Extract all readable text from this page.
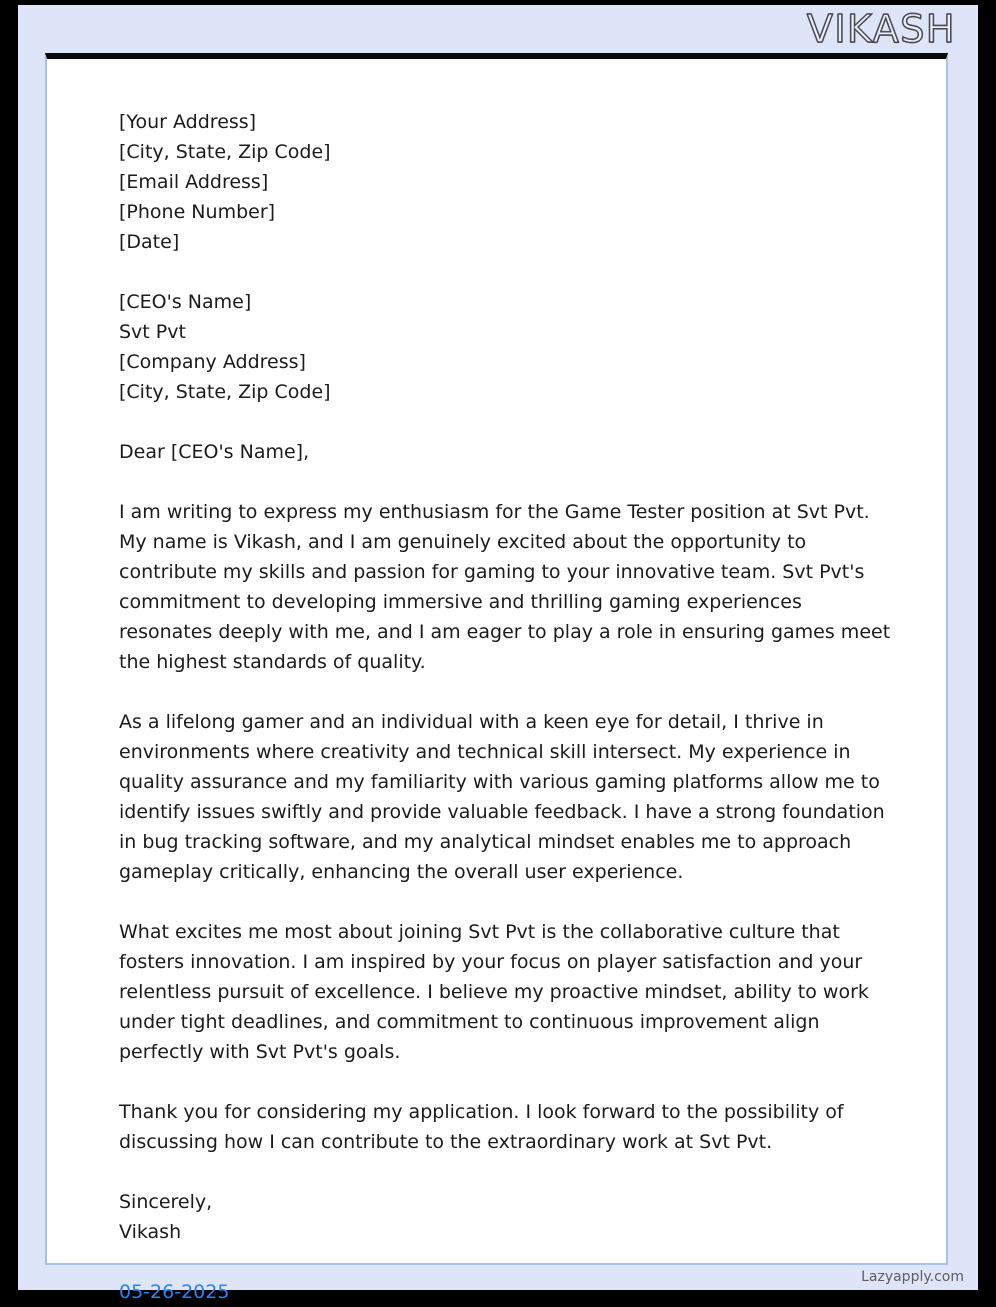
VIKASH
[Your Address]
[City, State, Zip Code]
[Email Address]
[Phone Number]
[Date]
[CEO's Name]
Svt Pvt
[Company Address]
[City, State, Zip Code]

Dear [CEO's Name],

I am writing to express my enthusiasm for the Game Tester position at Svt Pvt. My name is Vikash, and I am genuinely excited about the opportunity to contribute my skills and passion for gaming to your innovative team. Svt Pvt's commitment to developing immersive and thrilling gaming experiences resonates deeply with me, and I am eager to play a role in ensuring games meet the highest standards of quality.

As a lifelong gamer and an individual with a keen eye for detail, I thrive in environments where creativity and technical skill intersect. My experience in quality assurance and my familiarity with various gaming platforms allow me to identify issues swiftly and provide valuable feedback. I have a strong foundation in bug tracking software, and my analytical mindset enables me to approach gameplay critically, enhancing the overall user experience.

What excites me most about joining Svt Pvt is the collaborative culture that fosters innovation. I am inspired by your focus on player satisfaction and your relentless pursuit of excellence. I believe my proactive mindset, ability to work under tight deadlines, and commitment to continuous improvement align perfectly with Svt Pvt's goals.

Thank you for considering my application. I look forward to the possibility of discussing how I can contribute to the extraordinary work at Svt Pvt.

Sincerely,
Vikash
05-26-2025
Lazyapply.com
